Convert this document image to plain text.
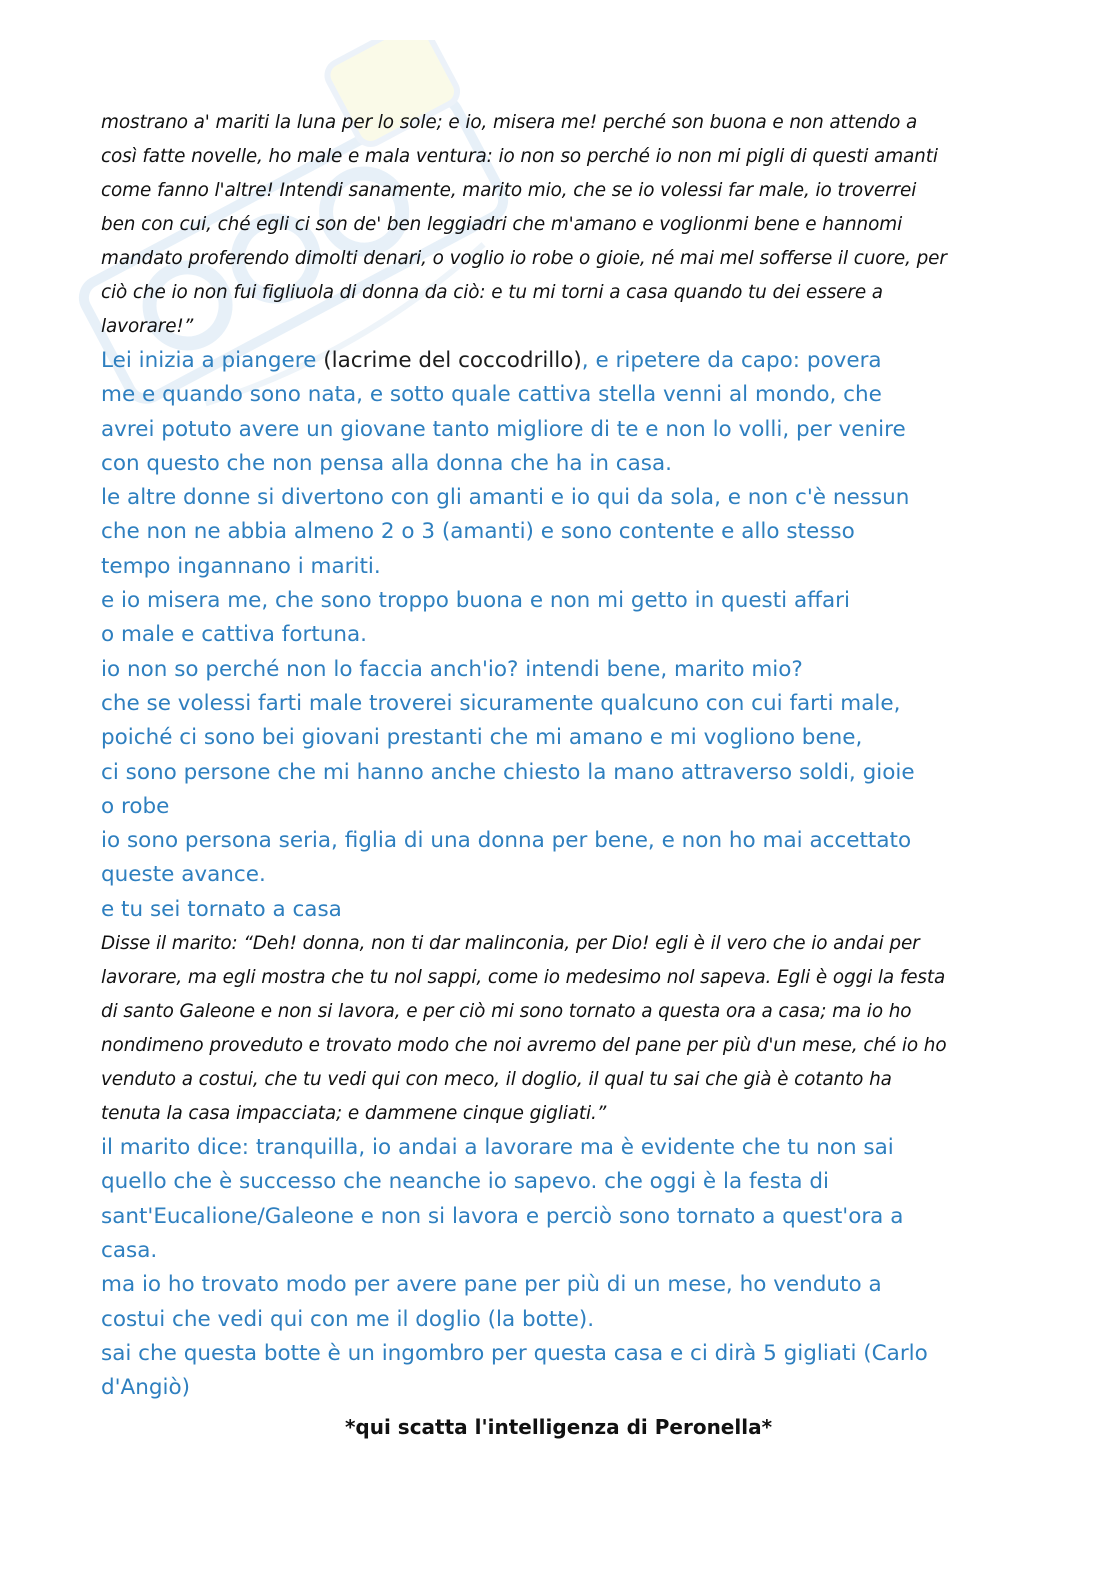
mostrano a' mariti la luna per lo sole; e io, misera me! perché son buona e non attendo a
così fatte novelle, ho male e mala ventura: io non so perché io non mi pigli di questi amanti
come fanno l'altre! Intendi sanamente, marito mio, che se io volessi far male, io troverrei
ben con cui, ché egli ci son de' ben leggiadri che m'amano e voglionmi bene e hannomi
mandato proferendo dimolti denari, o voglio io robe o gioie, né mai mel sofferse il cuore, per
ciò che io non fui figliuola di donna da ciò: e tu mi torni a casa quando tu dei essere a
lavorare!”
Lei inizia a piangere (lacrime del coccodrillo), e ripetere da capo: povera
me e quando sono nata, e sotto quale cattiva stella venni al mondo, che
avrei potuto avere un giovane tanto migliore di te e non lo volli, per venire
con questo che non pensa alla donna che ha in casa.
le altre donne si divertono con gli amanti e io qui da sola, e non c'è nessun
che non ne abbia almeno 2 o 3 (amanti) e sono contente e allo stesso
tempo ingannano i mariti.
e io misera me, che sono troppo buona e non mi getto in questi affari
o male e cattiva fortuna.
io non so perché non lo faccia anch'io? intendi bene, marito mio?
che se volessi farti male troverei sicuramente qualcuno con cui farti male,
poiché ci sono bei giovani prestanti che mi amano e mi vogliono bene,
ci sono persone che mi hanno anche chiesto la mano attraverso soldi, gioie
o robe
io sono persona seria, figlia di una donna per bene, e non ho mai accettato
queste avance.
e tu sei tornato a casa
Disse il marito: “Deh! donna, non ti dar malinconia, per Dio! egli è il vero che io andai per
lavorare, ma egli mostra che tu nol sappi, come io medesimo nol sapeva. Egli è oggi la festa
di santo Galeone e non si lavora, e per ciò mi sono tornato a questa ora a casa; ma io ho
nondimeno proveduto e trovato modo che noi avremo del pane per più d'un mese, ché io ho
venduto a costui, che tu vedi qui con meco, il doglio, il qual tu sai che già è cotanto ha
tenuta la casa impacciata; e dammene cinque gigliati.”
il marito dice: tranquilla, io andai a lavorare ma è evidente che tu non sai
quello che è successo che neanche io sapevo. che oggi è la festa di
sant'Eucalione/Galeone e non si lavora e perciò sono tornato a quest'ora a
casa.
ma io ho trovato modo per avere pane per più di un mese, ho venduto a
costui che vedi qui con me il doglio (la botte).
sai che questa botte è un ingombro per questa casa e ci dirà 5 gigliati (Carlo
d'Angiò)
*qui scatta l'intelligenza di Peronella*
